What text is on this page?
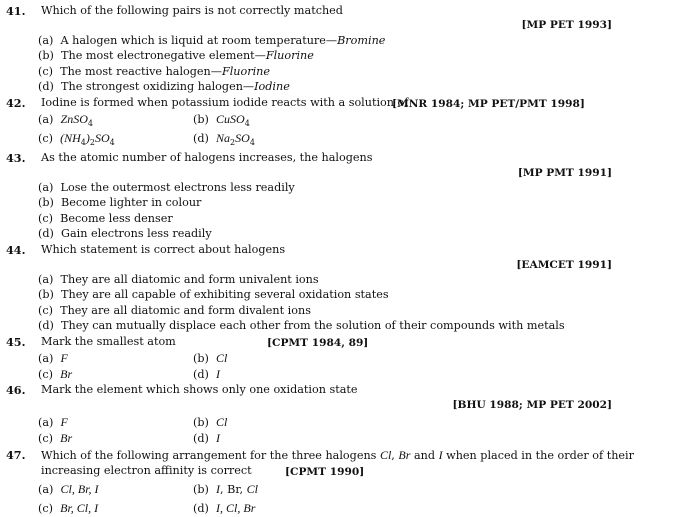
41. Which of the following pairs is not correctly matched
[MP PET 1993]
(a) A halogen which is liquid at room temperature—Bromine
(b) The most electronegative element—Fluorine
(c) The most reactive halogen—Fluorine
(d) The strongest oxidizing halogen—Iodine
42. Iodine is formed when potassium iodide reacts with a solution of
[MNR 1984; MP PET/PMT 1998]
(a) ZnSO$_4$	(b) CuSO$_4$
(c) $(NH_4)_2SO_4$	(d) $Na_2SO_4$
43. As the atomic number of halogens increases, the halogens
[MP PMT 1991]
(a) Lose the outermost electrons less readily
(b) Become lighter in colour
(c) Become less denser
(d) Gain electrons less readily
44. Which statement is correct about halogens
[EAMCET 1991]
(a) They are all diatomic and form univalent ions
(b) They are all capable of exhibiting several oxidation states
(c) They are all diatomic and form divalent ions
(d) They can mutually displace each other from the solution of their compounds with metals
45. Mark the smallest atom	[CPMT 1984, 89]
(a) F	(b) Cl
(c) Br	(d) I
46. Mark the element which shows only one oxidation state
[BHU 1988; MP PET 2002]
(a) F	(b) Cl
(c) Br	(d) I
47. Which of the following arrangement for the three halogens Cl, Br and I when placed in the order of their
increasing electron affinity is correct	[CPMT 1990]
(a) Cl, Br, I	(b) I, Br, Cl
(c) Br, Cl, I	(d) I, Cl, Br
